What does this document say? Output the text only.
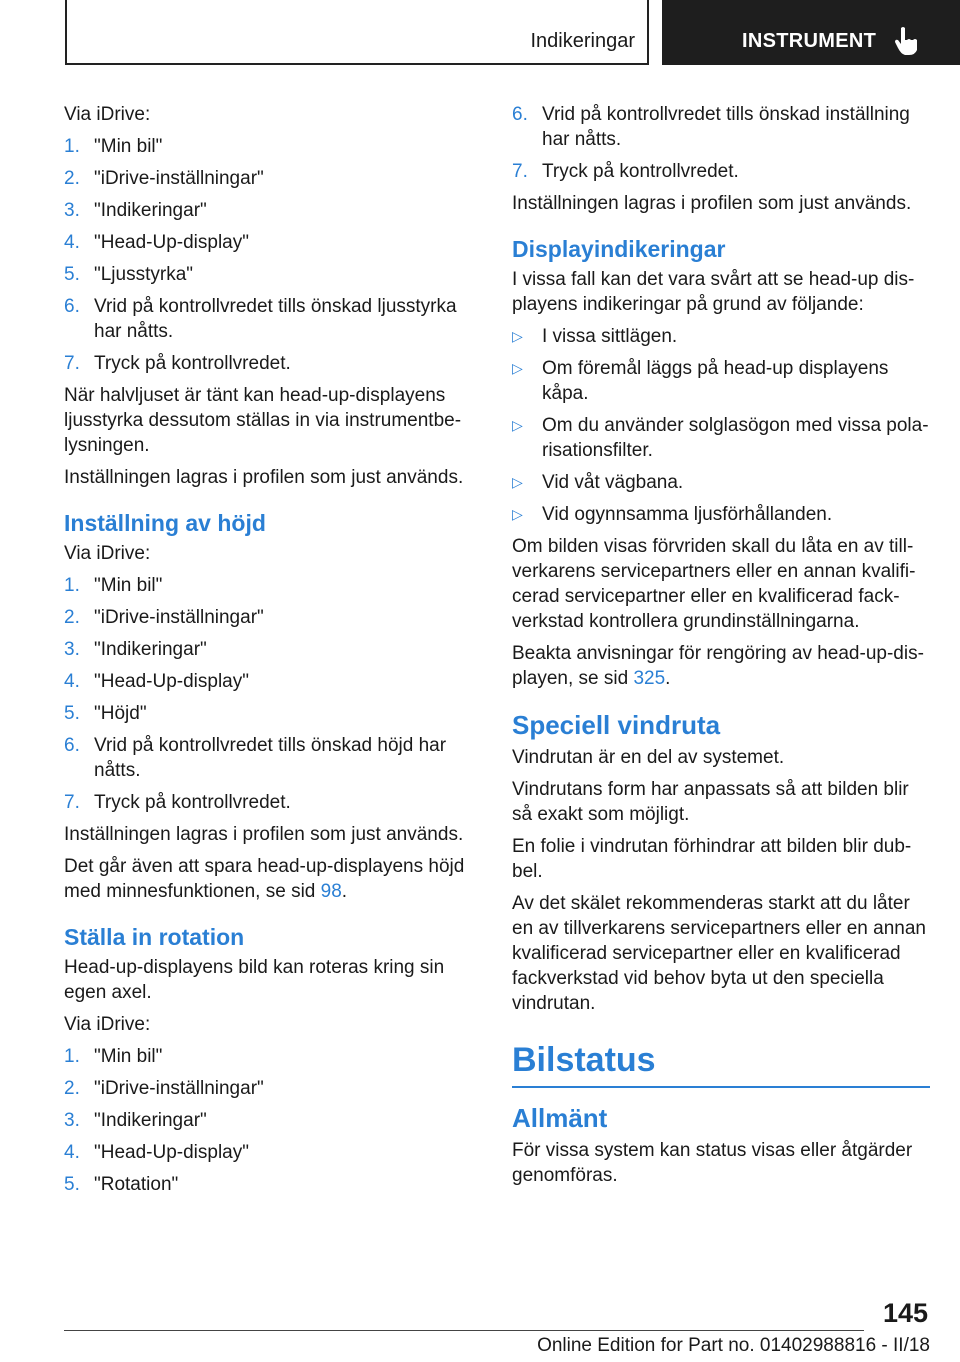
Indikeringar	INSTRUMENT

Via iDrive:

1. "Min bil"
2. "iDrive-inställningar"
3. "Indikeringar"
4. "Head-Up-display"
5. "Ljusstyrka"
6. Vrid på kontrollvredet tills önskad ljusstyrka har nåtts.
7. Tryck på kontrollvredet.

När halvljuset är tänt kan head-up-displayens ljusstyrka dessutom ställas in via instrumentbe-lysningen.

Inställningen lagras i profilen som just används.

Inställning av höjd

Via iDrive:

1. "Min bil"
2. "iDrive-inställningar"
3. "Indikeringar"
4. "Head-Up-display"
5. "Höjd"
6. Vrid på kontrollvredet tills önskad höjd har nåtts.
7. Tryck på kontrollvredet.

Inställningen lagras i profilen som just används.

Det går även att spara head-up-displayens höjd med minnesfunktionen, se sid 98.

Ställa in rotation

Head-up-displayens bild kan roteras kring sin egen axel.

Via iDrive:

1. "Min bil"
2. "iDrive-inställningar"
3. "Indikeringar"
4. "Head-Up-display"
5. "Rotation"
6. Vrid på kontrollvredet tills önskad inställning har nåtts.
7. Tryck på kontrollvredet.

Inställningen lagras i profilen som just används.

Displayindikeringar

I vissa fall kan det vara svårt att se head-up dis-playens indikeringar på grund av följande:

▷ I vissa sittlägen.
▷ Om föremål läggs på head-up displayens kåpa.
▷ Om du använder solglasögon med vissa pola-risationsfilter.
▷ Vid våt vägbana.
▷ Vid ogynnsamma ljusförhållanden.

Om bilden visas förvriden skall du låta en av till-verkarens servicepartners eller en annan kvalifi-cerad servicepartner eller en kvalificerad fack-verkstad kontrollera grundinställningarna.

Beakta anvisningar för rengöring av head-up-dis-playen, se sid 325.

Speciell vindruta

Vindrutan är en del av systemet.

Vindrutans form har anpassats så att bilden blir så exakt som möjligt.

En folie i vindrutan förhindrar att bilden blir dub-bel.

Av det skälet rekommenderas starkt att du låter en av tillverkarens servicepartners eller en annan kvalificerad servicepartner eller en kvalificerad fackverkstad vid behov byta ut den speciella vindrutan.

Bilstatus
Allmänt

För vissa system kan status visas eller åtgärder genomföras.

145
Online Edition for Part no. 01402988816 - II/18
